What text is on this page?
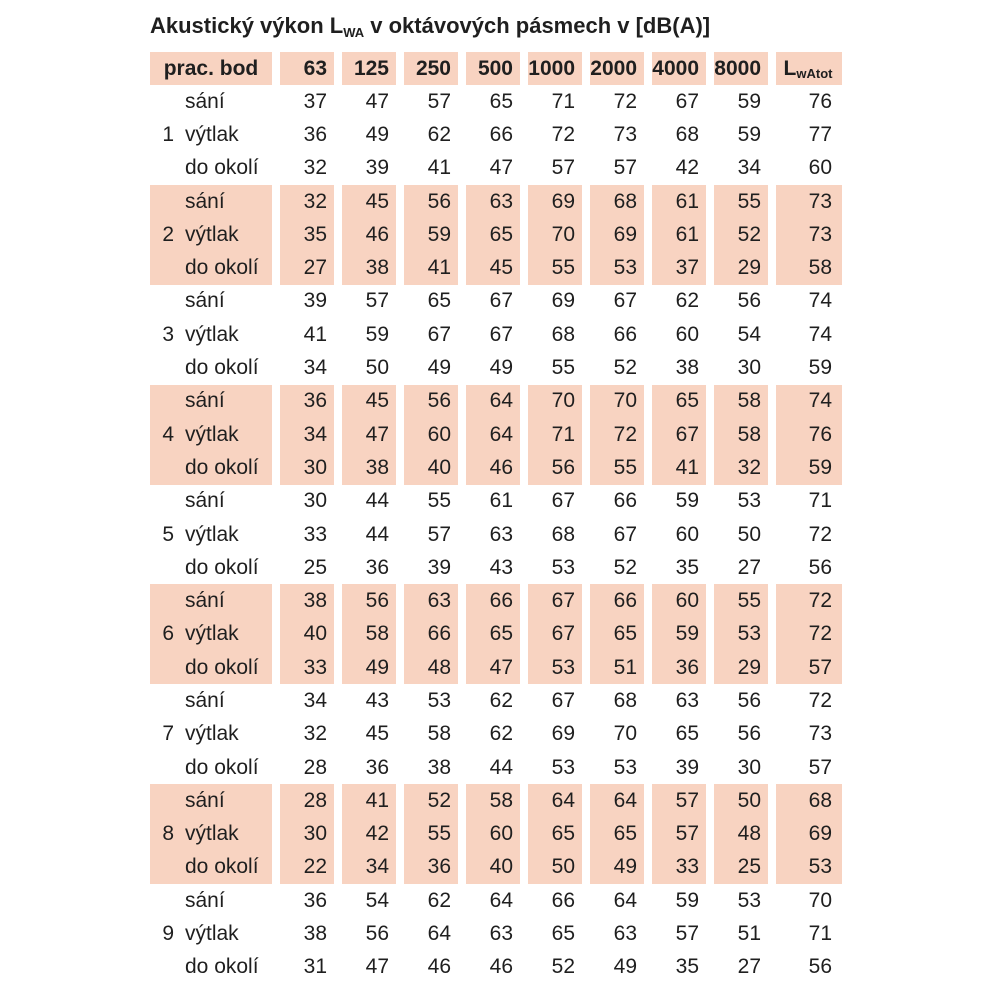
Akustický výkon $L_{WA}$ v oktávových pásmech v [dB(A)]
prac. bod	63	125	250	500	1000	2000	4000	8000	$L_{wAtot}$
sání	37	47	57	65	71	72	67	59	76
1 výtlak	36	49	62	66	72	73	68	59	77
do okolí	32	39	41	47	57	57	42	34	60
sání	32	45	56	63	69	68	61	55	73
2 výtlak	35	46	59	65	70	69	61	52	73
do okolí	27	38	41	45	55	53	37	29	58
sání	39	57	65	67	69	67	62	56	74
3 výtlak	41	59	67	67	68	66	60	54	74
do okolí	34	50	49	49	55	52	38	30	59
sání	36	45	56	64	70	70	65	58	74
4 výtlak	34	47	60	64	71	72	67	58	76
do okolí	30	38	40	46	56	55	41	32	59
sání	30	44	55	61	67	66	59	53	71
5 výtlak	33	44	57	63	68	67	60	50	72
do okolí	25	36	39	43	53	52	35	27	56
sání	38	56	63	66	67	66	60	55	72
6 výtlak	40	58	66	65	67	65	59	53	72
do okolí	33	49	48	47	53	51	36	29	57
sání	34	43	53	62	67	68	63	56	72
7 výtlak	32	45	58	62	69	70	65	56	73
do okolí	28	36	38	44	53	53	39	30	57
sání	28	41	52	58	64	64	57	50	68
8 výtlak	30	42	55	60	65	65	57	48	69
do okolí	22	34	36	40	50	49	33	25	53
sání	36	54	62	64	66	64	59	53	70
9 výtlak	38	56	64	63	65	63	57	51	71
do okolí	31	47	46	46	52	49	35	27	56
